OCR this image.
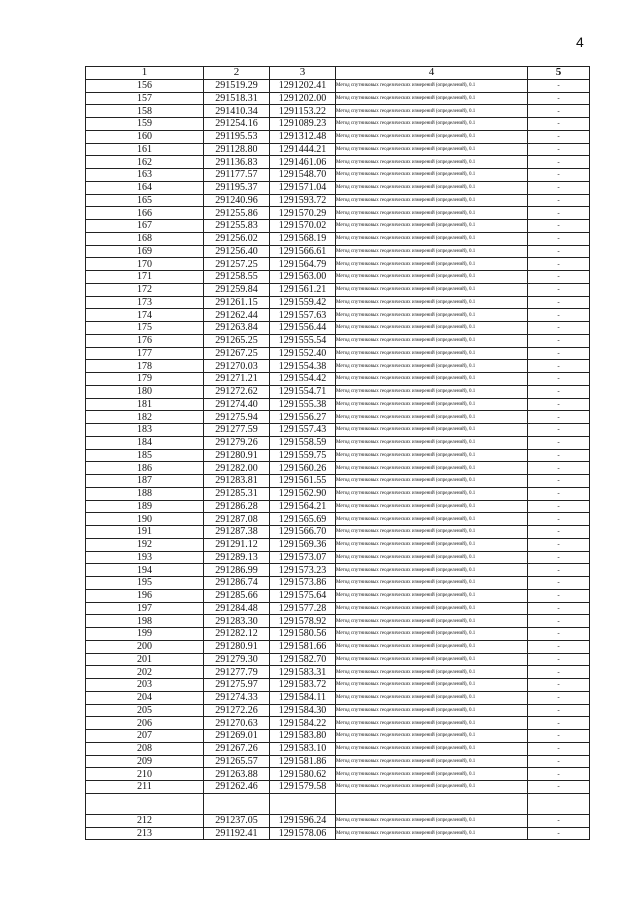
4
1	2	3	4	5
156	291519.29	1291202.41	Метод спутниковых геодезических измерений (определений), 0.1	-
157	291518.31	1291202.00	Метод спутниковых геодезических измерений (определений), 0.1	-
158	291410.34	1291153.22	Метод спутниковых геодезических измерений (определений), 0.1	-
159	291254.16	1291089.23	Метод спутниковых геодезических измерений (определений), 0.1	-
160	291195.53	1291312.48	Метод спутниковых геодезических измерений (определений), 0.1	-
161	291128.80	1291444.21	Метод спутниковых геодезических измерений (определений), 0.1	-
162	291136.83	1291461.06	Метод спутниковых геодезических измерений (определений), 0.1	-
163	291177.57	1291548.70	Метод спутниковых геодезических измерений (определений), 0.1	-
164	291195.37	1291571.04	Метод спутниковых геодезических измерений (определений), 0.1	-
165	291240.96	1291593.72	Метод спутниковых геодезических измерений (определений), 0.1	-
166	291255.86	1291570.29	Метод спутниковых геодезических измерений (определений), 0.1	-
167	291255.83	1291570.02	Метод спутниковых геодезических измерений (определений), 0.1	-
168	291256.02	1291568.19	Метод спутниковых геодезических измерений (определений), 0.1	-
169	291256.40	1291566.61	Метод спутниковых геодезических измерений (определений), 0.1	-
170	291257.25	1291564.79	Метод спутниковых геодезических измерений (определений), 0.1	-
171	291258.55	1291563.00	Метод спутниковых геодезических измерений (определений), 0.1	-
172	291259.84	1291561.21	Метод спутниковых геодезических измерений (определений), 0.1	-
173	291261.15	1291559.42	Метод спутниковых геодезических измерений (определений), 0.1	-
174	291262.44	1291557.63	Метод спутниковых геодезических измерений (определений), 0.1	-
175	291263.84	1291556.44	Метод спутниковых геодезических измерений (определений), 0.1	-
176	291265.25	1291555.54	Метод спутниковых геодезических измерений (определений), 0.1	-
177	291267.25	1291552.40	Метод спутниковых геодезических измерений (определений), 0.1	-
178	291270.03	1291554.38	Метод спутниковых геодезических измерений (определений), 0.1	-
179	291271.21	1291554.42	Метод спутниковых геодезических измерений (определений), 0.1	-
180	291272.62	1291554.71	Метод спутниковых геодезических измерений (определений), 0.1	-
181	291274.40	1291555.38	Метод спутниковых геодезических измерений (определений), 0.1	-
182	291275.94	1291556.27	Метод спутниковых геодезических измерений (определений), 0.1	-
183	291277.59	1291557.43	Метод спутниковых геодезических измерений (определений), 0.1	-
184	291279.26	1291558.59	Метод спутниковых геодезических измерений (определений), 0.1	-
185	291280.91	1291559.75	Метод спутниковых геодезических измерений (определений), 0.1	-
186	291282.00	1291560.26	Метод спутниковых геодезических измерений (определений), 0.1	-
187	291283.81	1291561.55	Метод спутниковых геодезических измерений (определений), 0.1	-
188	291285.31	1291562.90	Метод спутниковых геодезических измерений (определений), 0.1	-
189	291286.28	1291564.21	Метод спутниковых геодезических измерений (определений), 0.1	-
190	291287.08	1291565.69	Метод спутниковых геодезических измерений (определений), 0.1	-
191	291287.38	1291566.70	Метод спутниковых геодезических измерений (определений), 0.1	-
192	291291.12	1291569.36	Метод спутниковых геодезических измерений (определений), 0.1	-
193	291289.13	1291573.07	Метод спутниковых геодезических измерений (определений), 0.1	-
194	291286.99	1291573.23	Метод спутниковых геодезических измерений (определений), 0.1	-
195	291286.74	1291573.86	Метод спутниковых геодезических измерений (определений), 0.1	-
196	291285.66	1291575.64	Метод спутниковых геодезических измерений (определений), 0.1	-
197	291284.48	1291577.28	Метод спутниковых геодезических измерений (определений), 0.1	-
198	291283.30	1291578.92	Метод спутниковых геодезических измерений (определений), 0.1	-
199	291282.12	1291580.56	Метод спутниковых геодезических измерений (определений), 0.1	-
200	291280.91	1291581.66	Метод спутниковых геодезических измерений (определений), 0.1	-
201	291279.30	1291582.70	Метод спутниковых геодезических измерений (определений), 0.1	-
202	291277.79	1291583.31	Метод спутниковых геодезических измерений (определений), 0.1	-
203	291275.97	1291583.72	Метод спутниковых геодезических измерений (определений), 0.1	-
204	291274.33	1291584.11	Метод спутниковых геодезических измерений (определений), 0.1	-
205	291272.26	1291584.30	Метод спутниковых геодезических измерений (определений), 0.1	-
206	291270.63	1291584.22	Метод спутниковых геодезических измерений (определений), 0.1	-
207	291269.01	1291583.80	Метод спутниковых геодезических измерений (определений), 0.1	-
208	291267.26	1291583.10	Метод спутниковых геодезических измерений (определений), 0.1	-
209	291265.57	1291581.86	Метод спутниковых геодезических измерений (определений), 0.1	-
210	291263.88	1291580.62	Метод спутниковых геодезических измерений (определений), 0.1	-
211	291262.46	1291579.58	Метод спутниковых геодезических измерений (определений), 0.1	-

212	291237.05	1291596.24	Метод спутниковых геодезических измерений (определений), 0.1	-
213	291192.41	1291578.06	Метод спутниковых геодезических измерений (определений), 0.1	-
